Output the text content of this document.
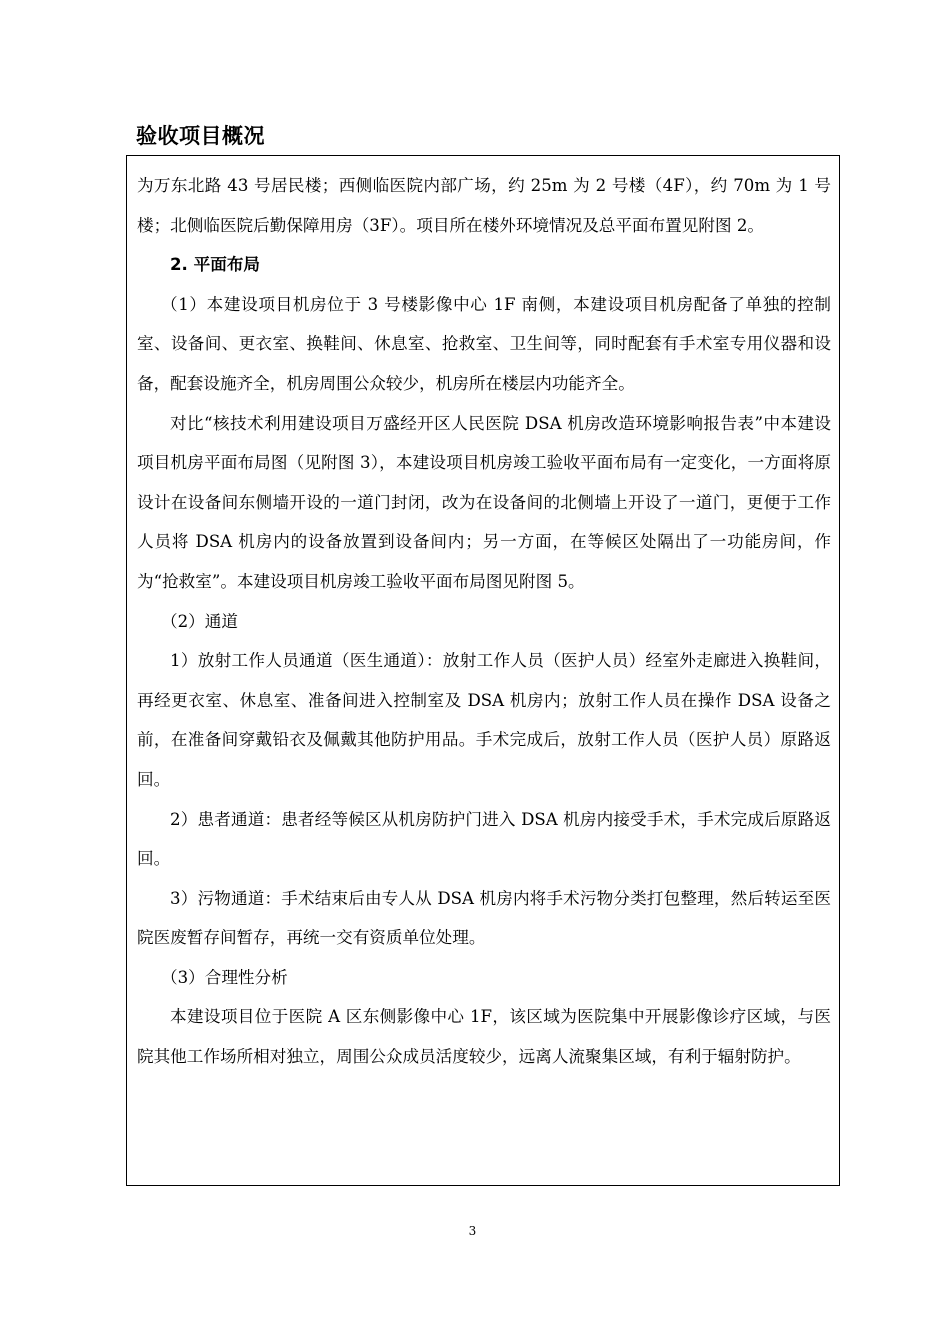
验收项目概况

为万东北路 43 号居民楼；西侧临医院内部广场，约 25m 为 2 号楼（4F），约 70m 为 1 号楼；北侧临医院后勤保障用房（3F）。项目所在楼外环境情况及总平面布置见附图 2。

2. 平面布局

（1）本建设项目机房位于 3 号楼影像中心 1F 南侧，本建设项目机房配备了单独的控制室、设备间、更衣室、换鞋间、休息室、抢救室、卫生间等，同时配套有手术室专用仪器和设备，配套设施齐全，机房周围公众较少，机房所在楼层内功能齐全。

对比“核技术利用建设项目万盛经开区人民医院 DSA 机房改造环境影响报告表”中本建设项目机房平面布局图（见附图 3），本建设项目机房竣工验收平面布局有一定变化，一方面将原设计在设备间东侧墙开设的一道门封闭，改为在设备间的北侧墙上开设了一道门，更便于工作人员将 DSA 机房内的设备放置到设备间内；另一方面，在等候区处隔出了一功能房间，作为“抢救室”。本建设项目机房竣工验收平面布局图见附图 5。

（2）通道

1）放射工作人员通道（医生通道）：放射工作人员（医护人员）经室外走廊进入换鞋间，再经更衣室、休息室、准备间进入控制室及 DSA 机房内；放射工作人员在操作 DSA 设备之前，在准备间穿戴铅衣及佩戴其他防护用品。手术完成后，放射工作人员（医护人员）原路返回。

2）患者通道：患者经等候区从机房防护门进入 DSA 机房内接受手术，手术完成后原路返回。

3）污物通道：手术结束后由专人从 DSA 机房内将手术污物分类打包整理，然后转运至医院医废暂存间暂存，再统一交有资质单位处理。

（3）合理性分析

本建设项目位于医院 A 区东侧影像中心 1F，该区域为医院集中开展影像诊疗区域，与医院其他工作场所相对独立，周围公众成员活度较少，远离人流聚集区域，有利于辐射防护。

3
